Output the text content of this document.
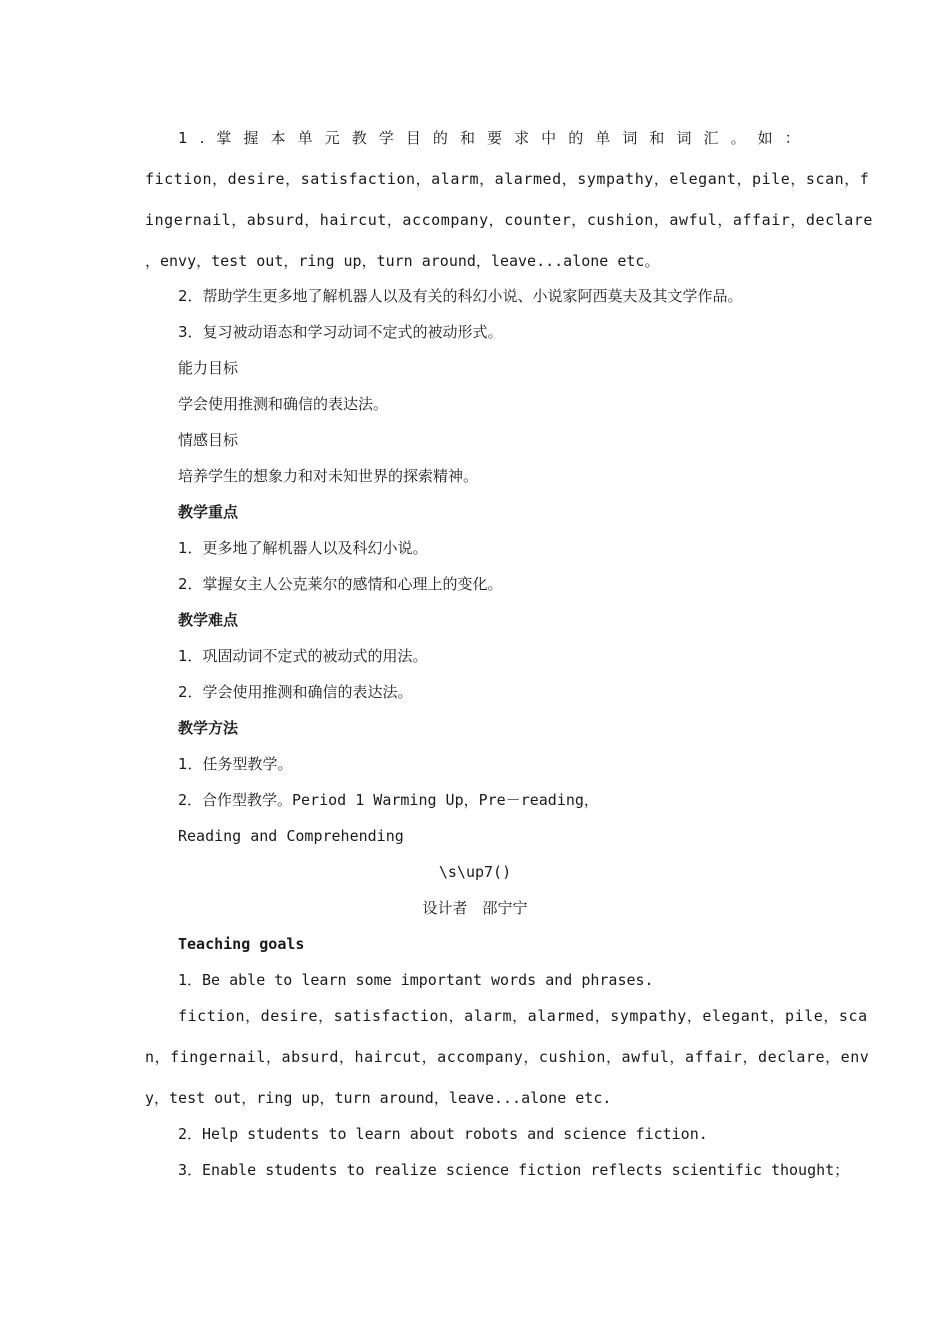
1 . 掌 握 本 单 元 教 学 目 的 和 要 求 中 的 单 词 和 词 汇 。 如 ：
fiction，desire，satisfaction，alarm，alarmed，sympathy，elegant，pile，scan，f
ingernail，absurd，haircut，accompany，counter，cushion，awful，affair，declare
，envy，test out，ring up，turn around，leave...alone etc。
2．帮助学生更多地了解机器人以及有关的科幻小说、小说家阿西莫夫及其文学作品。
3．复习被动语态和学习动词不定式的被动形式。
能力目标
学会使用推测和确信的表达法。
情感目标
培养学生的想象力和对未知世界的探索精神。
教学重点
1．更多地了解机器人以及科幻小说。
2．掌握女主人公克莱尔的感情和心理上的变化。
教学难点
1．巩固动词不定式的被动式的用法。
2．学会使用推测和确信的表达法。
教学方法
1．任务型教学。
2．合作型教学。Period 1 Warming Up，Pre－reading，
Reading and Comprehending
\s\up7()
设计者　邵宁宁
Teaching goals
1．Be able to learn some important words and phrases.
fiction，desire，satisfaction，alarm，alarmed，sympathy，elegant，pile，sca
n，fingernail，absurd，haircut，accompany，cushion，awful，affair，declare，env
y，test out，ring up，turn around，leave...alone etc.
2．Help students to learn about robots and science fiction.
3．Enable students to realize science fiction reflects scientific thought；
